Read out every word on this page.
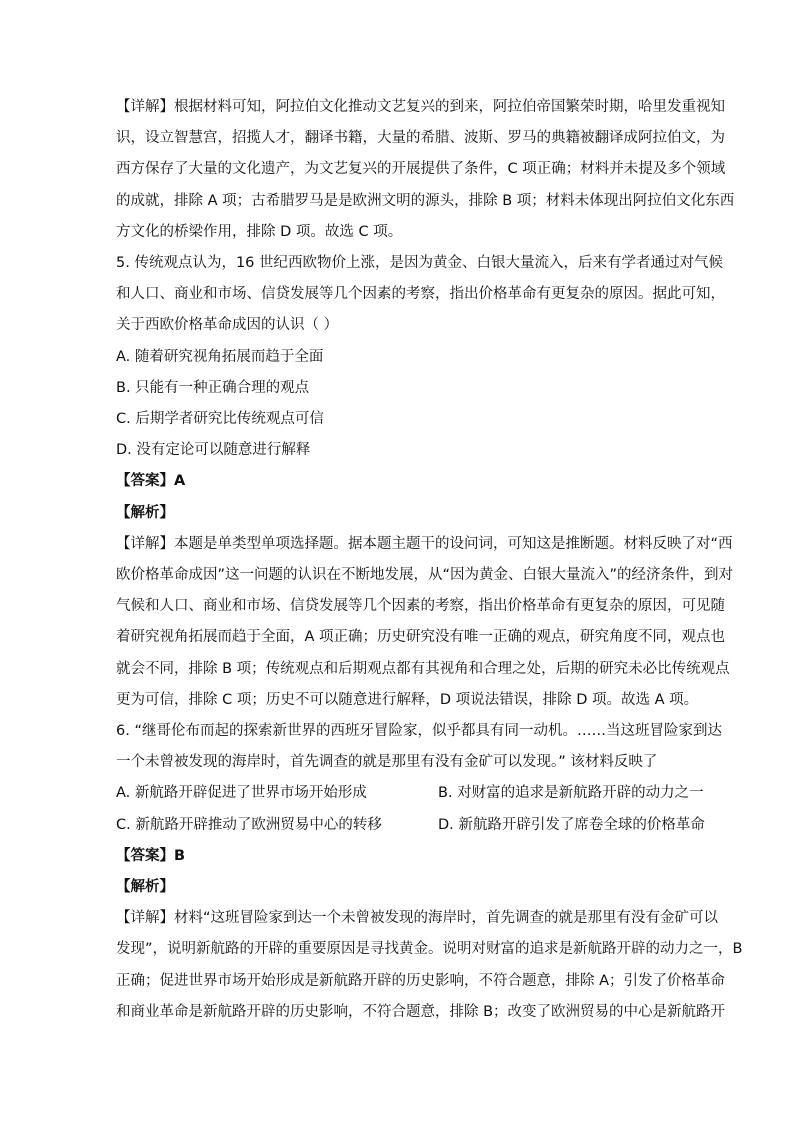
【详解】根据材料可知，阿拉伯文化推动文艺复兴的到来，阿拉伯帝国繁荣时期，哈里发重视知
识，设立智慧宫，招揽人才，翻译书籍，大量的希腊、波斯、罗马的典籍被翻译成阿拉伯文，为
西方保存了大量的文化遗产，为文艺复兴的开展提供了条件，C 项正确；材料并未提及多个领域
的成就，排除 A 项；古希腊罗马是是欧洲文明的源头，排除 B 项；材料未体现出阿拉伯文化东西
方文化的桥梁作用，排除 D 项。故选 C 项。
5. 传统观点认为，16 世纪西欧物价上涨，是因为黄金、白银大量流入，后来有学者通过对气候
和人口、商业和市场、信贷发展等几个因素的考察，指出价格革命有更复杂的原因。据此可知，
关于西欧价格革命成因的认识（ ）
A. 随着研究视角拓展而趋于全面
B. 只能有一种正确合理的观点
C. 后期学者研究比传统观点可信
D. 没有定论可以随意进行解释
【答案】A
【解析】
【详解】本题是单类型单项选择题。据本题主题干的设问词，可知这是推断题。材料反映了对“西
欧价格革命成因”这一问题的认识在不断地发展，从“因为黄金、白银大量流入”的经济条件，到对
气候和人口、商业和市场、信贷发展等几个因素的考察，指出价格革命有更复杂的原因，可见随
着研究视角拓展而趋于全面，A 项正确；历史研究没有唯一正确的观点，研究角度不同，观点也
就会不同，排除 B 项；传统观点和后期观点都有其视角和合理之处，后期的研究未必比传统观点
更为可信，排除 C 项；历史不可以随意进行解释，D 项说法错误，排除 D 项。故选 A 项。
6. “继哥伦布而起的探索新世界的西班牙冒险家，似乎都具有同一动机。……当这班冒险家到达
一个未曾被发现的海岸时，首先调查的就是那里有没有金矿可以发现。” 该材料反映了
A. 新航路开辟促进了世界市场开始形成	B. 对财富的追求是新航路开辟的动力之一
C. 新航路开辟推动了欧洲贸易中心的转移	D. 新航路开辟引发了席卷全球的价格革命
【答案】B
【解析】
【详解】材料“这班冒险家到达一个未曾被发现的海岸时，首先调查的就是那里有没有金矿可以
发现”，说明新航路的开辟的重要原因是寻找黄金。说明对财富的追求是新航路开辟的动力之一，B
正确；促进世界市场开始形成是新航路开辟的历史影响，不符合题意，排除 A；引发了价格革命
和商业革命是新航路开辟的历史影响，不符合题意，排除 B；改变了欧洲贸易的中心是新航路开
